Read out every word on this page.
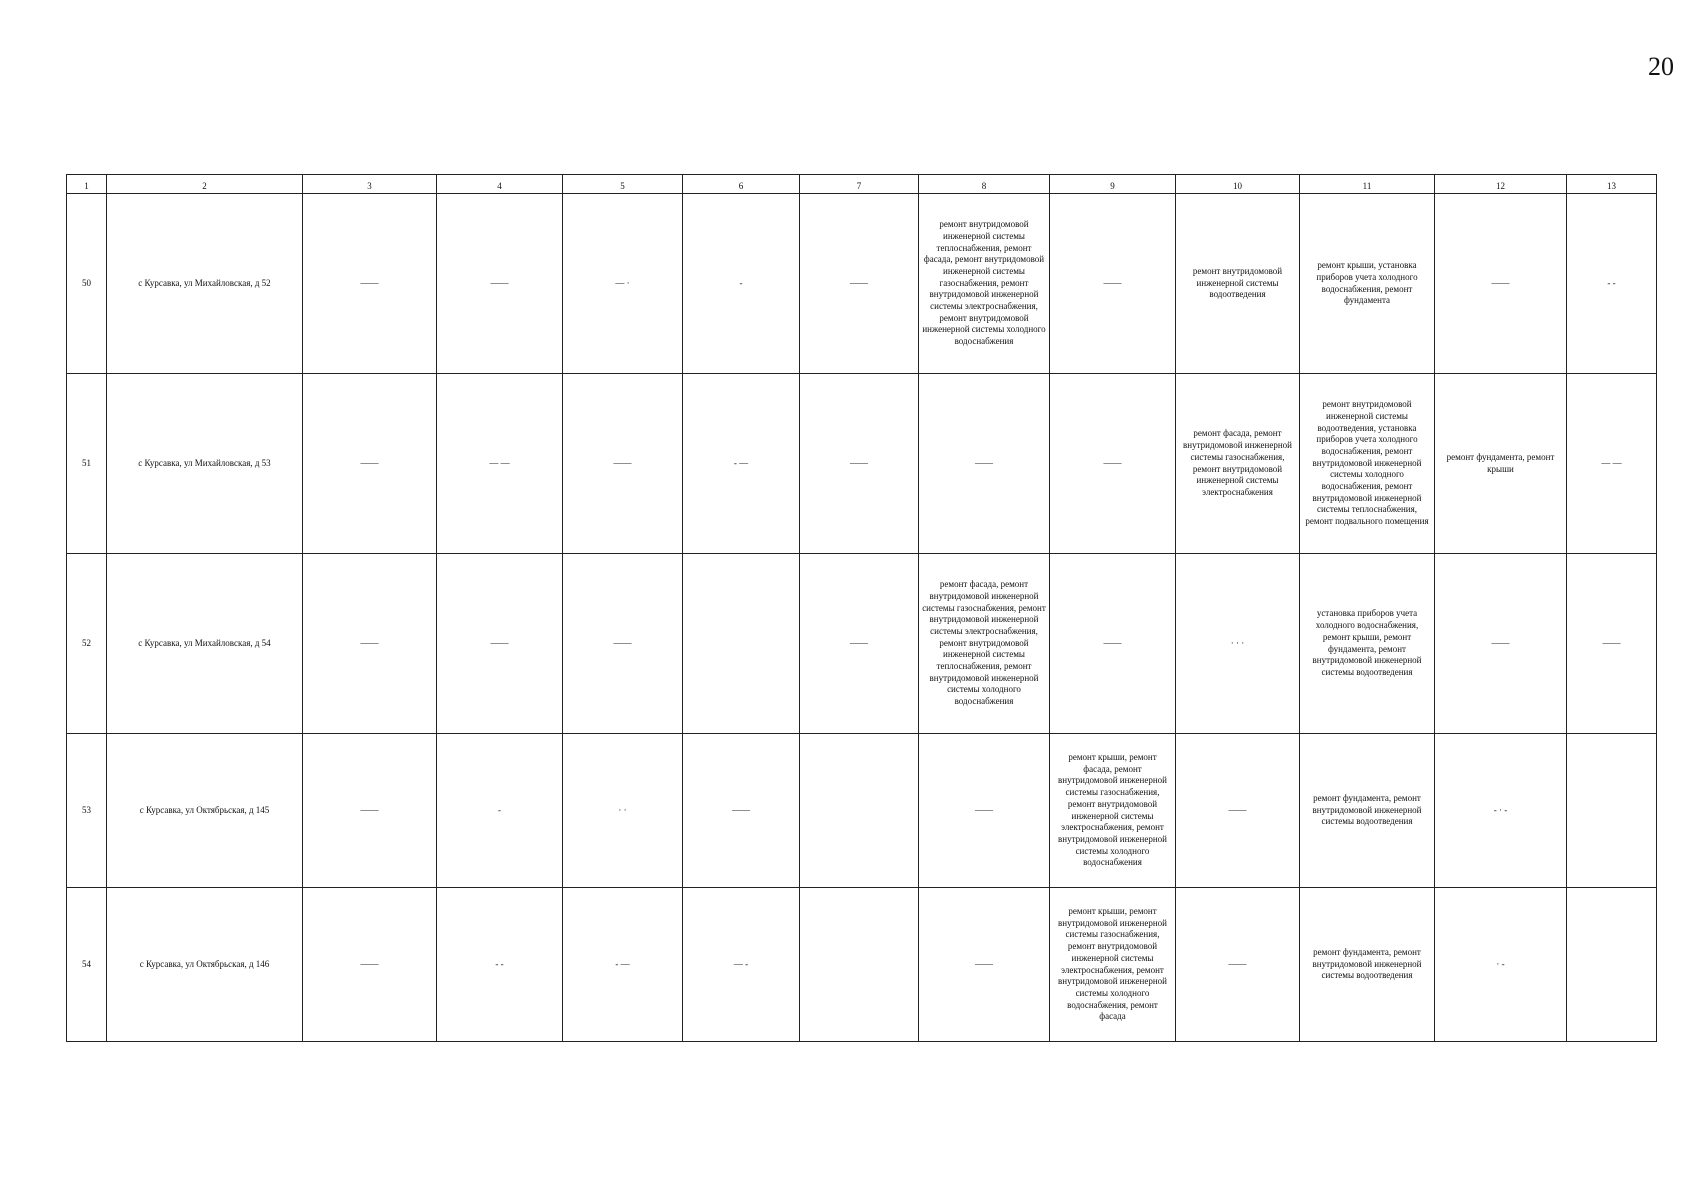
20
1	2	3	4	5	6	7	8	9	10	11	12	13
50	с Курсавка, ул Михайловская, д 52	——	——	— ·	-	——	ремонт внутридомовой инженерной системы теплоснабжения, ремонт фасада, ремонт внутридомовой инженерной системы газоснабжения, ремонт внутридомовой инженерной системы электроснабжения, ремонт внутридомовой инженерной системы холодного водоснабжения	——	ремонт внутридомовой инженерной системы водоотведения	ремонт крыши, установка приборов учета холодного водоснабжения, ремонт фундамента	——	- -
51	с Курсавка, ул Михайловская, д 53	——	— —	——	- —	——	——	——	ремонт фасада, ремонт внутридомовой инженерной системы газоснабжения, ремонт внутридомовой инженерной системы электроснабжения	ремонт внутридомовой инженерной системы водоотведения, установка приборов учета холодного водоснабжения, ремонт внутридомовой инженерной системы холодного водоснабжения, ремонт внутридомовой инженерной системы теплоснабжения, ремонт подвального помещения	ремонт фундамента, ремонт крыши	— —
52	с Курсавка, ул Михайловская, д 54	——	——	——		——	ремонт фасада, ремонт внутридомовой инженерной системы газоснабжения, ремонт внутридомовой инженерной системы электроснабжения, ремонт внутридомовой инженерной системы теплоснабжения, ремонт внутридомовой инженерной системы холодного водоснабжения	——	· · ·	установка приборов учета холодного водоснабжения, ремонт крыши, ремонт фундамента, ремонт внутридомовой инженерной системы водоотведения	——	——
53	с Курсавка, ул Октябрьская, д 145	——	-	· ·	——		——	ремонт крыши, ремонт фасада, ремонт внутридомовой инженерной системы газоснабжения, ремонт внутридомовой инженерной системы электроснабжения, ремонт внутридомовой инженерной системы холодного водоснабжения	——	ремонт фундамента, ремонт внутридомовой инженерной системы водоотведения	- · -	
54	с Курсавка, ул Октябрьская, д 146	——	- -	- —	— -		——	ремонт крыши, ремонт внутридомовой инженерной системы газоснабжения, ремонт внутридомовой инженерной системы электроснабжения, ремонт внутридомовой инженерной системы холодного водоснабжения, ремонт фасада	——	ремонт фундамента, ремонт внутридомовой инженерной системы водоотведения	· -	
